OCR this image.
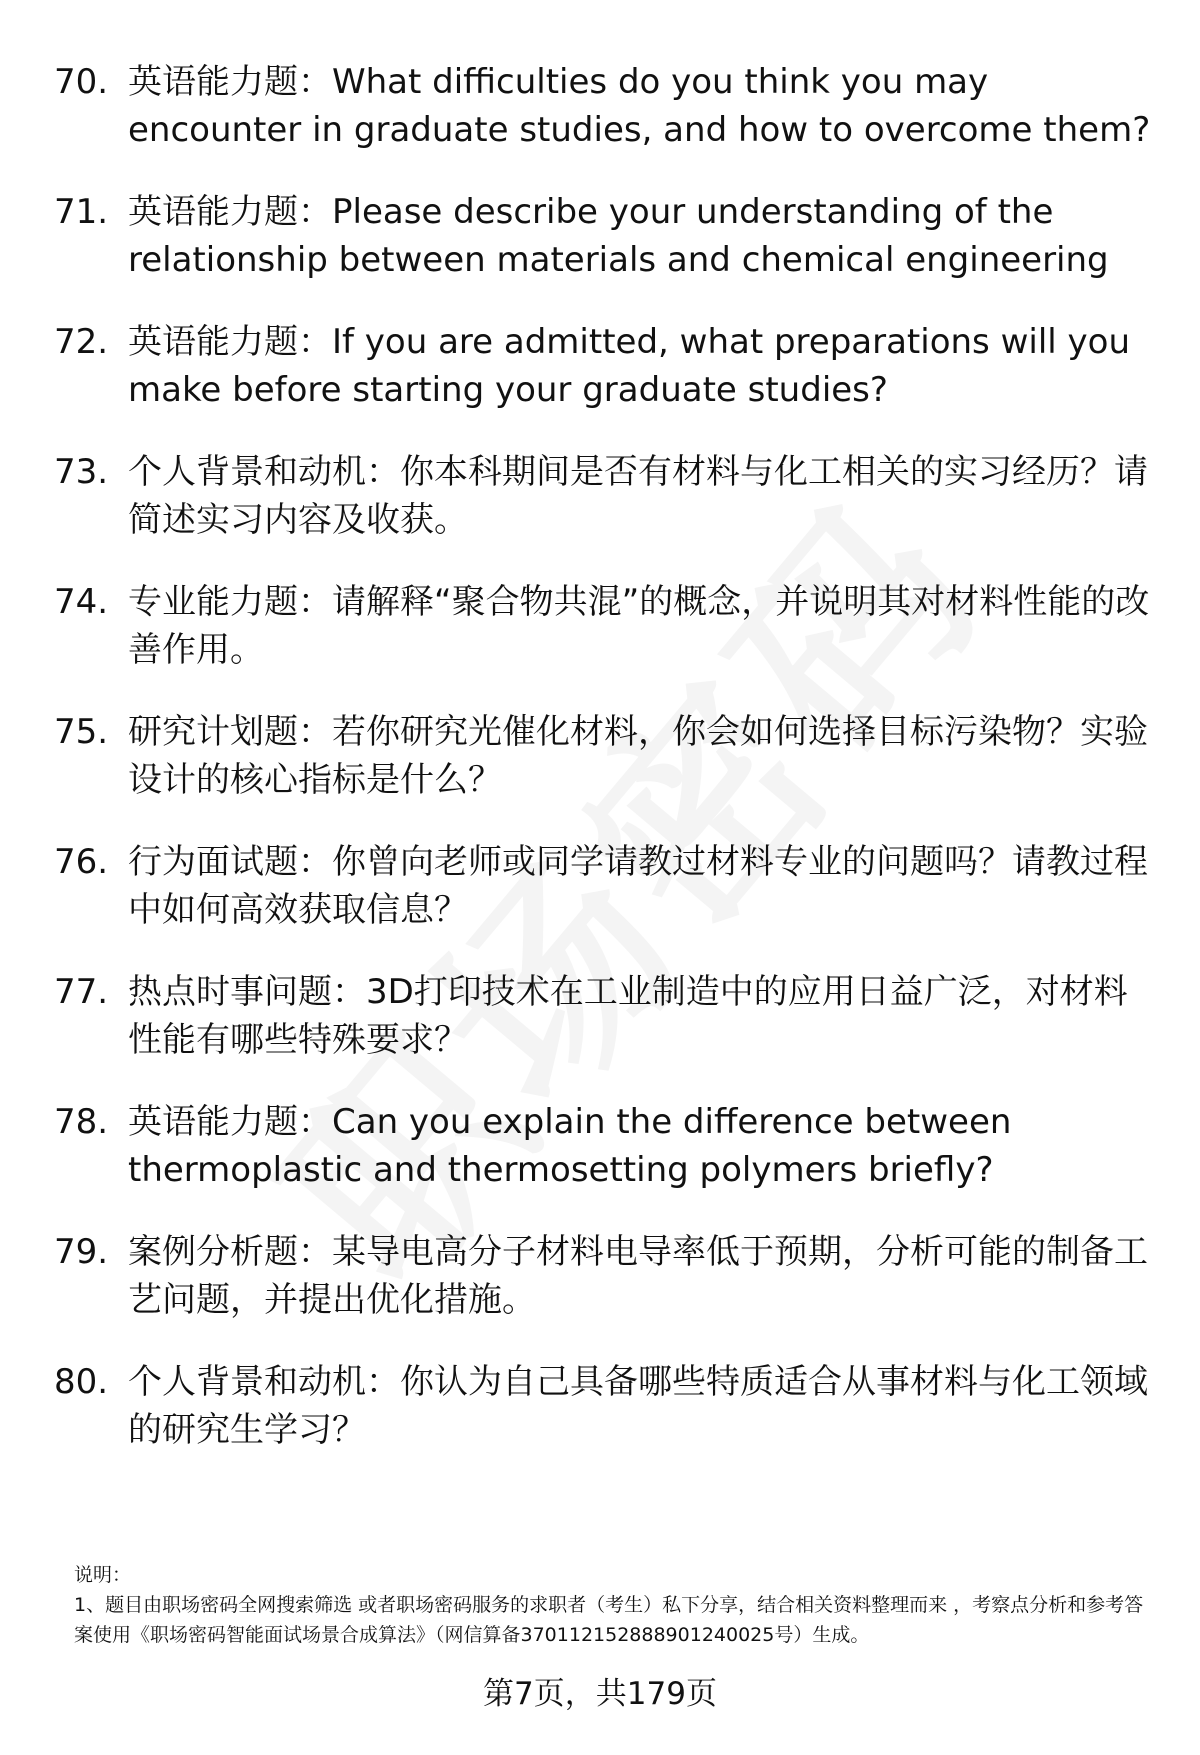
70. 英语能力题：What difficulties do you think you may encounter in graduate studies, and how to overcome them?
71. 英语能力题：Please describe your understanding of the relationship between materials and chemical engineering
72. 英语能力题：If you are admitted, what preparations will you make before starting your graduate studies?
73. 个人背景和动机：你本科期间是否有材料与化工相关的实习经历？请简述实习内容及收获。
74. 专业能力题：请解释“聚合物共混”的概念，并说明其对材料性能的改善作用。
75. 研究计划题：若你研究光催化材料，你会如何选择目标污染物？实验设计的核心指标是什么？
76. 行为面试题：你曾向老师或同学请教过材料专业的问题吗？请教过程中如何高效获取信息？
77. 热点时事问题：3D打印技术在工业制造中的应用日益广泛，对材料性能有哪些特殊要求？
78. 英语能力题：Can you explain the difference between thermoplastic and thermosetting polymers briefly?
79. 案例分析题：某导电高分子材料电导率低于预期，分析可能的制备工艺问题，并提出优化措施。
80. 个人背景和动机：你认为自己具备哪些特质适合从事材料与化工领域的研究生学习？
说明：
1、题目由职场密码全网搜索筛选 或者职场密码服务的求职者（考生）私下分享，结合相关资料整理而来 ，考察点分析和参考答案使用《职场密码智能面试场景合成算法》（网信算备370112152888901240025号）生成。
第7页，共179页
